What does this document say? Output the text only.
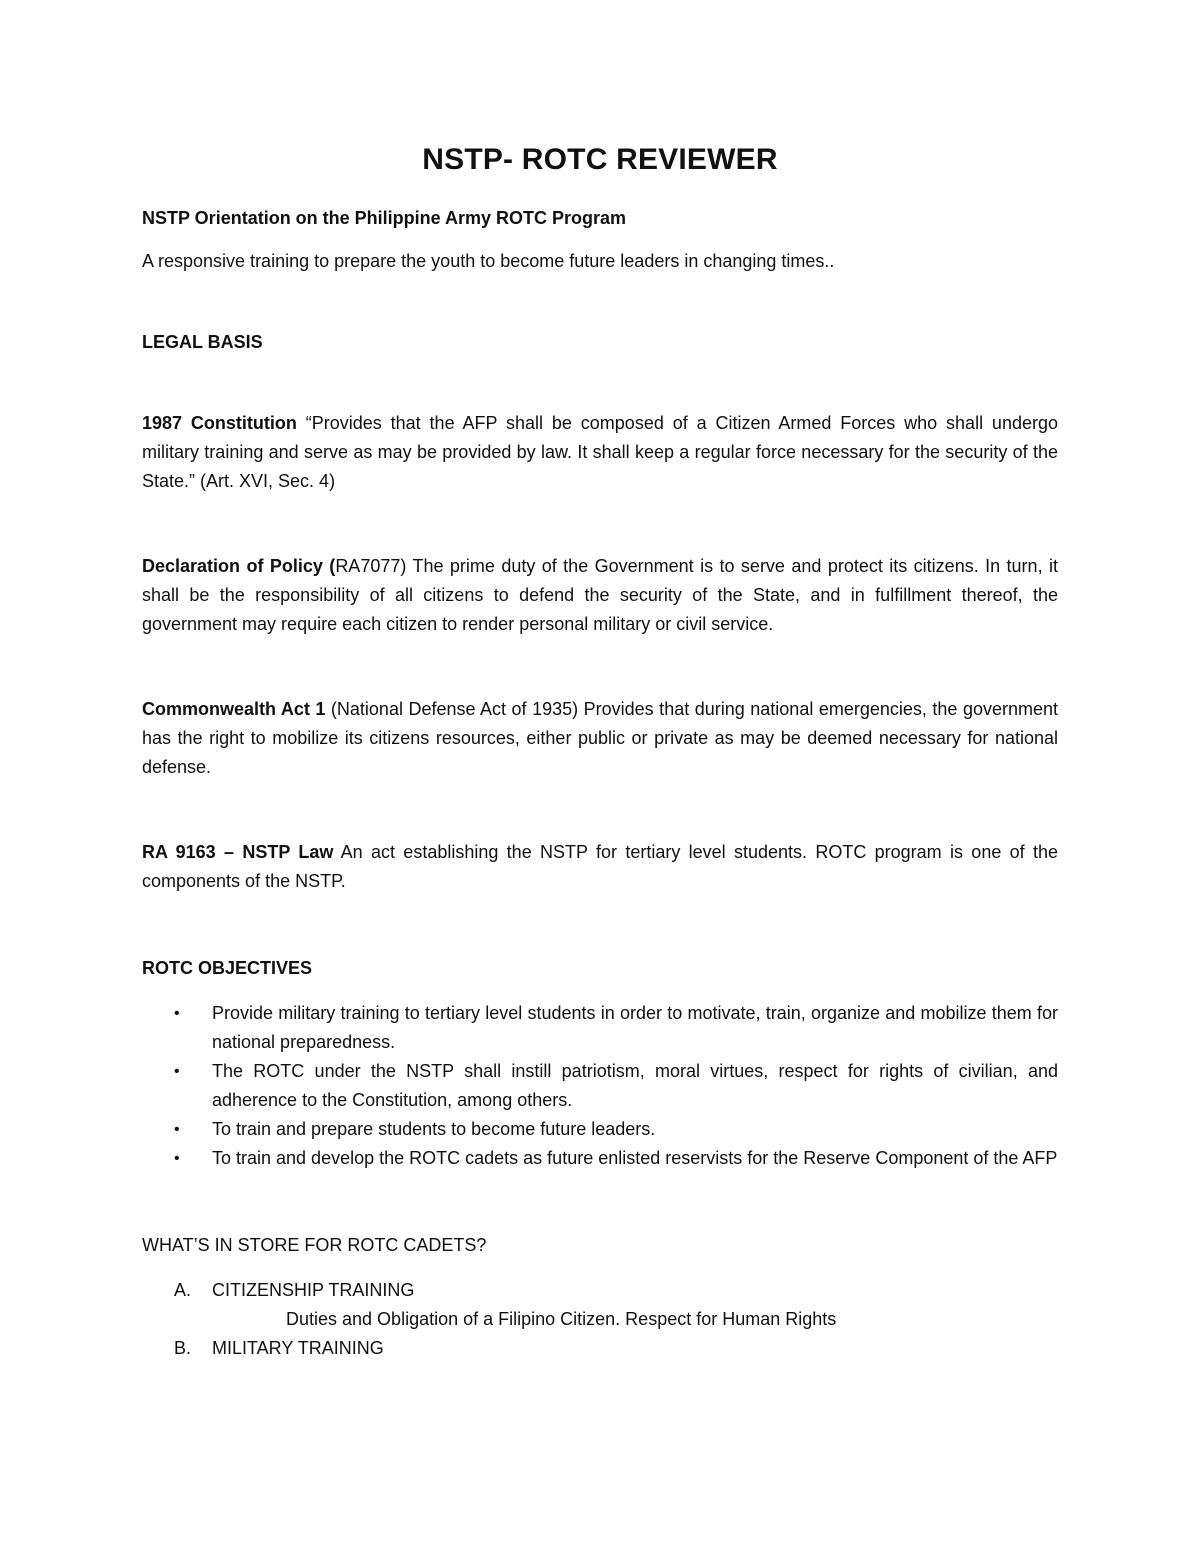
NSTP- ROTC REVIEWER
NSTP Orientation on the Philippine Army ROTC Program
A responsive training to prepare the youth to become future leaders in changing times..
LEGAL BASIS
1987 Constitution “Provides that the AFP shall be composed of a Citizen Armed Forces who shall undergo military training and serve as may be provided by law. It shall keep a regular force necessary for the security of the State.” (Art. XVI, Sec. 4)
Declaration of Policy (RA7077) The prime duty of the Government is to serve and protect its citizens. In turn, it shall be the responsibility of all citizens to defend the security of the State, and in fulfillment thereof, the government may require each citizen to render personal military or civil service.
Commonwealth Act 1 (National Defense Act of 1935) Provides that during national emergencies, the government has the right to mobilize its citizens resources, either public or private as may be deemed necessary for national defense.
RA 9163 – NSTP Law An act establishing the NSTP for tertiary level students. ROTC program is one of the components of the NSTP.
ROTC OBJECTIVES
• Provide military training to tertiary level students in order to motivate, train, organize and mobilize them for national preparedness.
• The ROTC under the NSTP shall instill patriotism, moral virtues, respect for rights of civilian, and adherence to the Constitution, among others.
• To train and prepare students to become future leaders.
• To train and develop the ROTC cadets as future enlisted reservists for the Reserve Component of the AFP
WHAT’S IN STORE FOR ROTC CADETS?
A. CITIZENSHIP TRAINING
Duties and Obligation of a Filipino Citizen. Respect for Human Rights
B. MILITARY TRAINING
